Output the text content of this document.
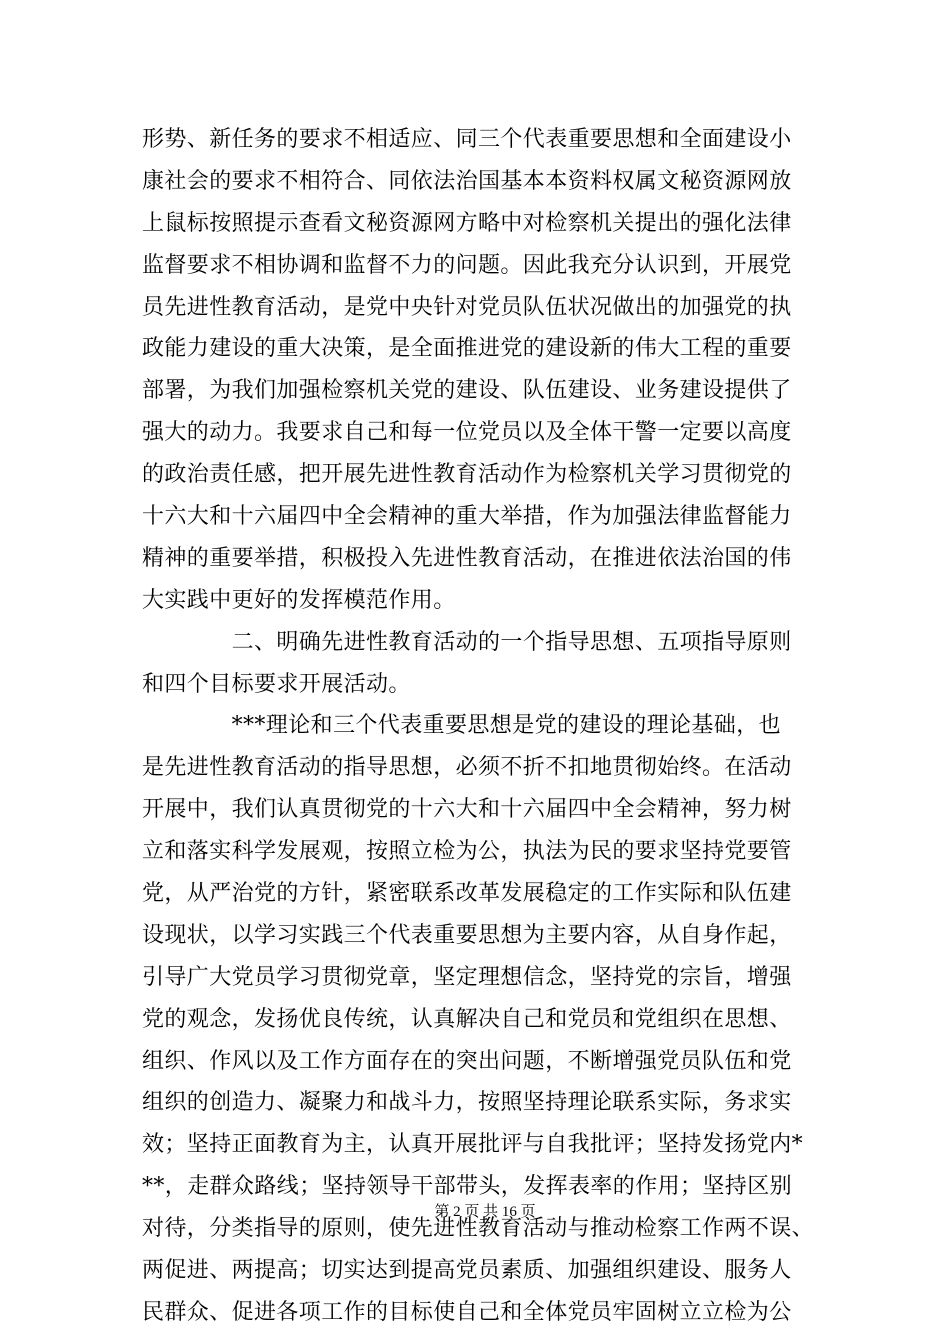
形势、新任务的要求不相适应、同三个代表重要思想和全面建设小
康社会的要求不相符合、同依法治国基本本资料权属文秘资源网放
上鼠标按照提示查看文秘资源网方略中对检察机关提出的强化法律
监督要求不相协调和监督不力的问题。因此我充分认识到，开展党
员先进性教育活动，是党中央针对党员队伍状况做出的加强党的执
政能力建设的重大决策，是全面推进党的建设新的伟大工程的重要
部署，为我们加强检察机关党的建设、队伍建设、业务建设提供了
强大的动力。我要求自己和每一位党员以及全体干警一定要以高度
的政治责任感，把开展先进性教育活动作为检察机关学习贯彻党的
十六大和十六届四中全会精神的重大举措，作为加强法律监督能力
精神的重要举措，积极投入先进性教育活动，在推进依法治国的伟
大实践中更好的发挥模范作用。
　　　　二、明确先进性教育活动的一个指导思想、五项指导原则
和四个目标要求开展活动。
　　　　***理论和三个代表重要思想是党的建设的理论基础，也
是先进性教育活动的指导思想，必须不折不扣地贯彻始终。在活动
开展中，我们认真贯彻党的十六大和十六届四中全会精神，努力树
立和落实科学发展观，按照立检为公，执法为民的要求坚持党要管
党，从严治党的方针，紧密联系改革发展稳定的工作实际和队伍建
设现状，以学习实践三个代表重要思想为主要内容，从自身作起，
引导广大党员学习贯彻党章，坚定理想信念，坚持党的宗旨，增强
党的观念，发扬优良传统，认真解决自己和党员和党组织在思想、
组织、作风以及工作方面存在的突出问题，不断增强党员队伍和党
组织的创造力、凝聚力和战斗力，按照坚持理论联系实际，务求实
效；坚持正面教育为主，认真开展批评与自我批评；坚持发扬党内*
**，走群众路线；坚持领导干部带头，发挥表率的作用；坚持区别
对待，分类指导的原则，使先进性教育活动与推动检察工作两不误、
两促进、两提高；切实达到提高党员素质、加强组织建设、服务人
民群众、促进各项工作的目标使自己和全体党员牢固树立立检为公
第 2 页 共 16 页
